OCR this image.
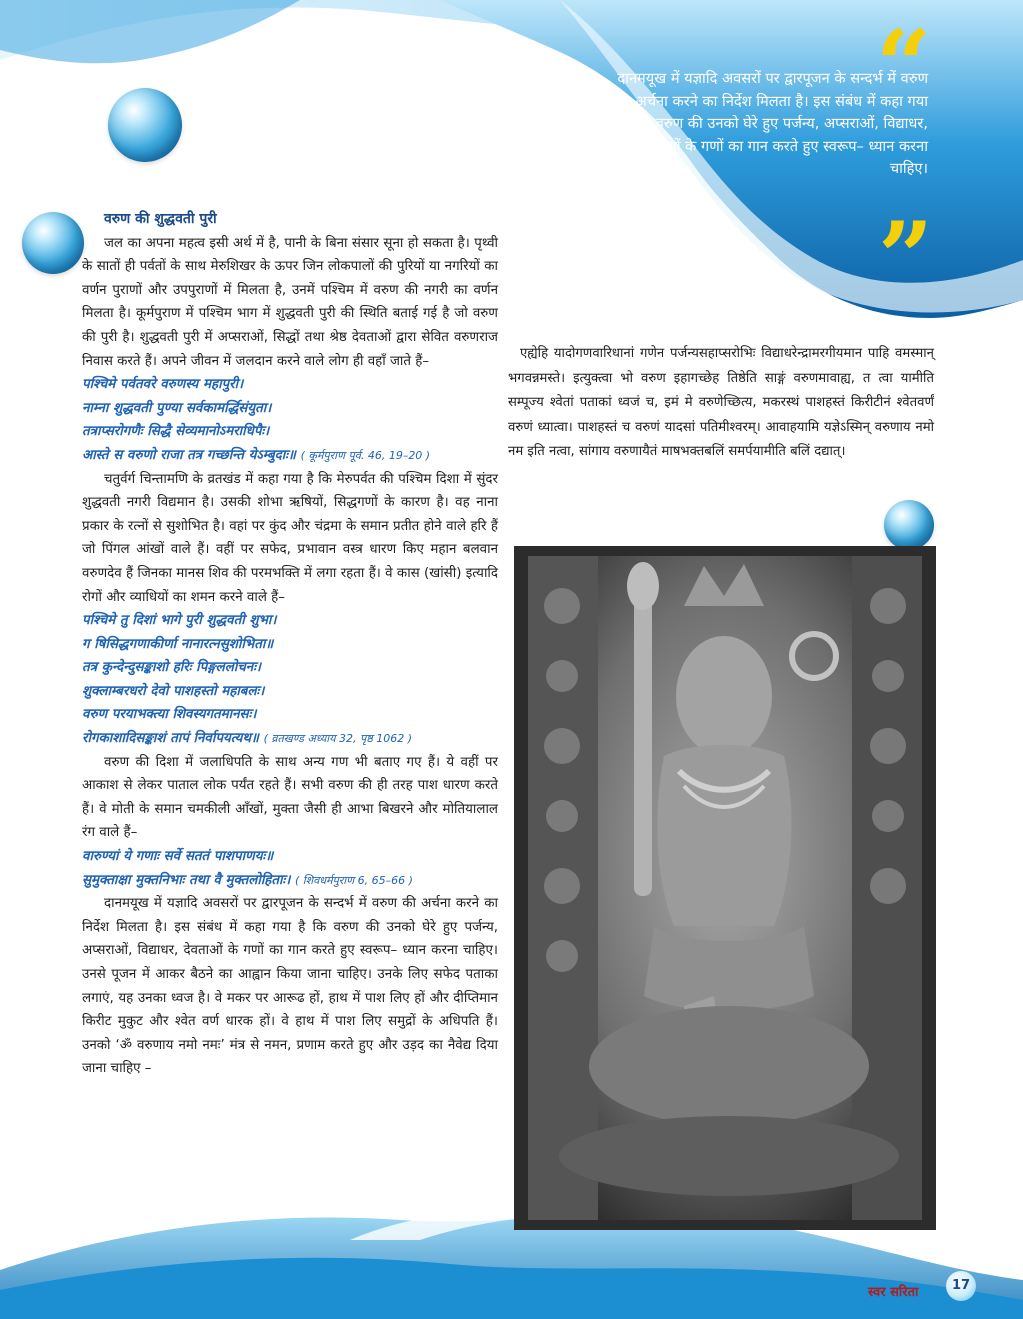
“
दानमयूख में यज्ञादि अवसरों पर द्वारपूजन के सन्दर्भ में वरुण की अर्चना करने का निर्देश मिलता है। इस संबंध में कहा गया है कि वरुण की उनको घेरे हुए पर्जन्य, अप्सराओं, विद्याधर, देवताओं के गणों का गान करते हुए स्वरूप– ध्यान करना चाहिए।
”
वरुण की शुद्धवती पुरी

जल का अपना महत्व इसी अर्थ में है, पानी के बिना संसार सूना हो सकता है। पृथ्वी के सातों ही पर्वतों के साथ मेरुशिखर के ऊपर जिन लोकपालों की पुरियों या नगरियों का वर्णन पुराणों और उपपुराणों में मिलता है, उनमें पश्चिम में वरुण की नगरी का वर्णन मिलता है। कूर्मपुराण में पश्चिम भाग में शुद्धवती पुरी की स्थिति बताई गई है जो वरुण की पुरी है। शुद्धवती पुरी में अप्सराओं, सिद्धों तथा श्रेष्ठ देवताओं द्वारा सेवित वरुणराज निवास करते हैं। अपने जीवन में जलदान करने वाले लोग ही वहाँ जाते हैं–

पश्चिमे पर्वतवरे वरुणस्य महापुरी।

नाम्ना शुद्धवती पुण्या सर्वकामर्द्धिसंयुता।

तत्राप्सरोगणैः सिद्धै सेव्यमानोऽमराधिपैः।

आस्ते स वरुणो राजा तत्र गच्छन्ति येऽम्बुदाः॥ ( कूर्मपुराण पूर्व. 46, 19–20 )

चतुर्वर्ग चिन्तामणि के व्रतखंड में कहा गया है कि मेरुपर्वत की पश्चिम दिशा में सुंदर शुद्धवती नगरी विद्यमान है। उसकी शोभा ऋषियों, सिद्धगणों के कारण है। वह नाना प्रकार के रत्नों से सुशोभित है। वहां पर कुंद और चंद्रमा के समान प्रतीत होने वाले हरि हैं जो पिंगल आंखों वाले हैं। वहीं पर सफेद, प्रभावान वस्त्र धारण किए महान बलवान वरुणदेव हैं जिनका मानस शिव की परमभक्ति में लगा रहता हैं। वे कास (खांसी) इत्यादि रोगों और व्याधियों का शमन करने वाले हैं–

पश्चिमे तु दिशां भागे पुरी शुद्धवती शुभा।

ग षिसिद्धगणाकीर्णा नानारत्नसुशोभिता॥

तत्र कुन्देन्दुसङ्काशो हरिः पिङ्गललोचनः।

शुक्लाम्बरधरो देवो पाशहस्तो महाबलः।

वरुण परयाभक्त्या शिवस्यगतमानसः।

रोगकाशादिसङ्काशं तापं निर्वापयत्यथ॥ ( व्रतखण्ड अध्याय 32, पृष्ठ 1062 )

वरुण की दिशा में जलाधिपति के साथ अन्य गण भी बताए गए हैं। ये वहीं पर आकाश से लेकर पाताल लोक पर्यंत रहते हैं। सभी वरुण की ही तरह पाश धारण करते हैं। वे मोती के समान चमकीली आँखों, मुक्ता जैसी ही आभा बिखरने और मोतियालाल रंग वाले हैं–

वारुण्यां ये गणाः सर्वे सततं पाशपाणयः॥

सुमुक्ताक्षा मुक्तनिभाः तथा वै मुक्तलोहिताः। ( शिवधर्मपुराण 6, 65–66 )

दानमयूख में यज्ञादि अवसरों पर द्वारपूजन के सन्दर्भ में वरुण की अर्चना करने का निर्देश मिलता है। इस संबंध में कहा गया है कि वरुण की उनको घेरे हुए पर्जन्य, अप्सराओं, विद्याधर, देवताओं के गणों का गान करते हुए स्वरूप– ध्यान करना चाहिए। उनसे पूजन में आकर बैठने का आह्वान किया जाना चाहिए। उनके लिए सफेद पताका लगाएं, यह उनका ध्वज है। वे मकर पर आरूढ हों, हाथ में पाश लिए हों और दीप्तिमान किरीट मुकुट और श्वेत वर्ण धारक हों। वे हाथ में पाश लिए समुद्रों के अधिपति हैं। उनको ‘ॐ वरुणाय नमो नमः’ मंत्र से नमन, प्रणाम करते हुए और उड़द का नैवेद्य दिया जाना चाहिए –

एह्येहि यादोगणवारिधानां गणेन पर्जन्यसहाप्सरोभिः विद्याधरेन्द्रामरगीयमान पाहि वमस्मान् भगवन्नमस्ते। इत्युक्त्वा भो वरुण इहागच्छेह तिष्ठेति साङ्गं वरुणमावाह्य, त त्वा यामीति सम्पूज्य श्वेतां पताकां ध्वजं च, इमं मे वरुणेच्छित्य, मकरस्थं पाशहस्तं किरीटीनं श्वेतवर्णं वरुणं ध्यात्वा। पाशहस्तं च वरुणं यादसां पतिमीश्वरम्। आवाहयामि यज्ञेऽस्मिन् वरुणाय नमो नम इति नत्वा, सांगाय वरुणायैतं माषभक्तबलिं समर्पयामीति बलिं दद्यात्।

स्वर सरिता	17
